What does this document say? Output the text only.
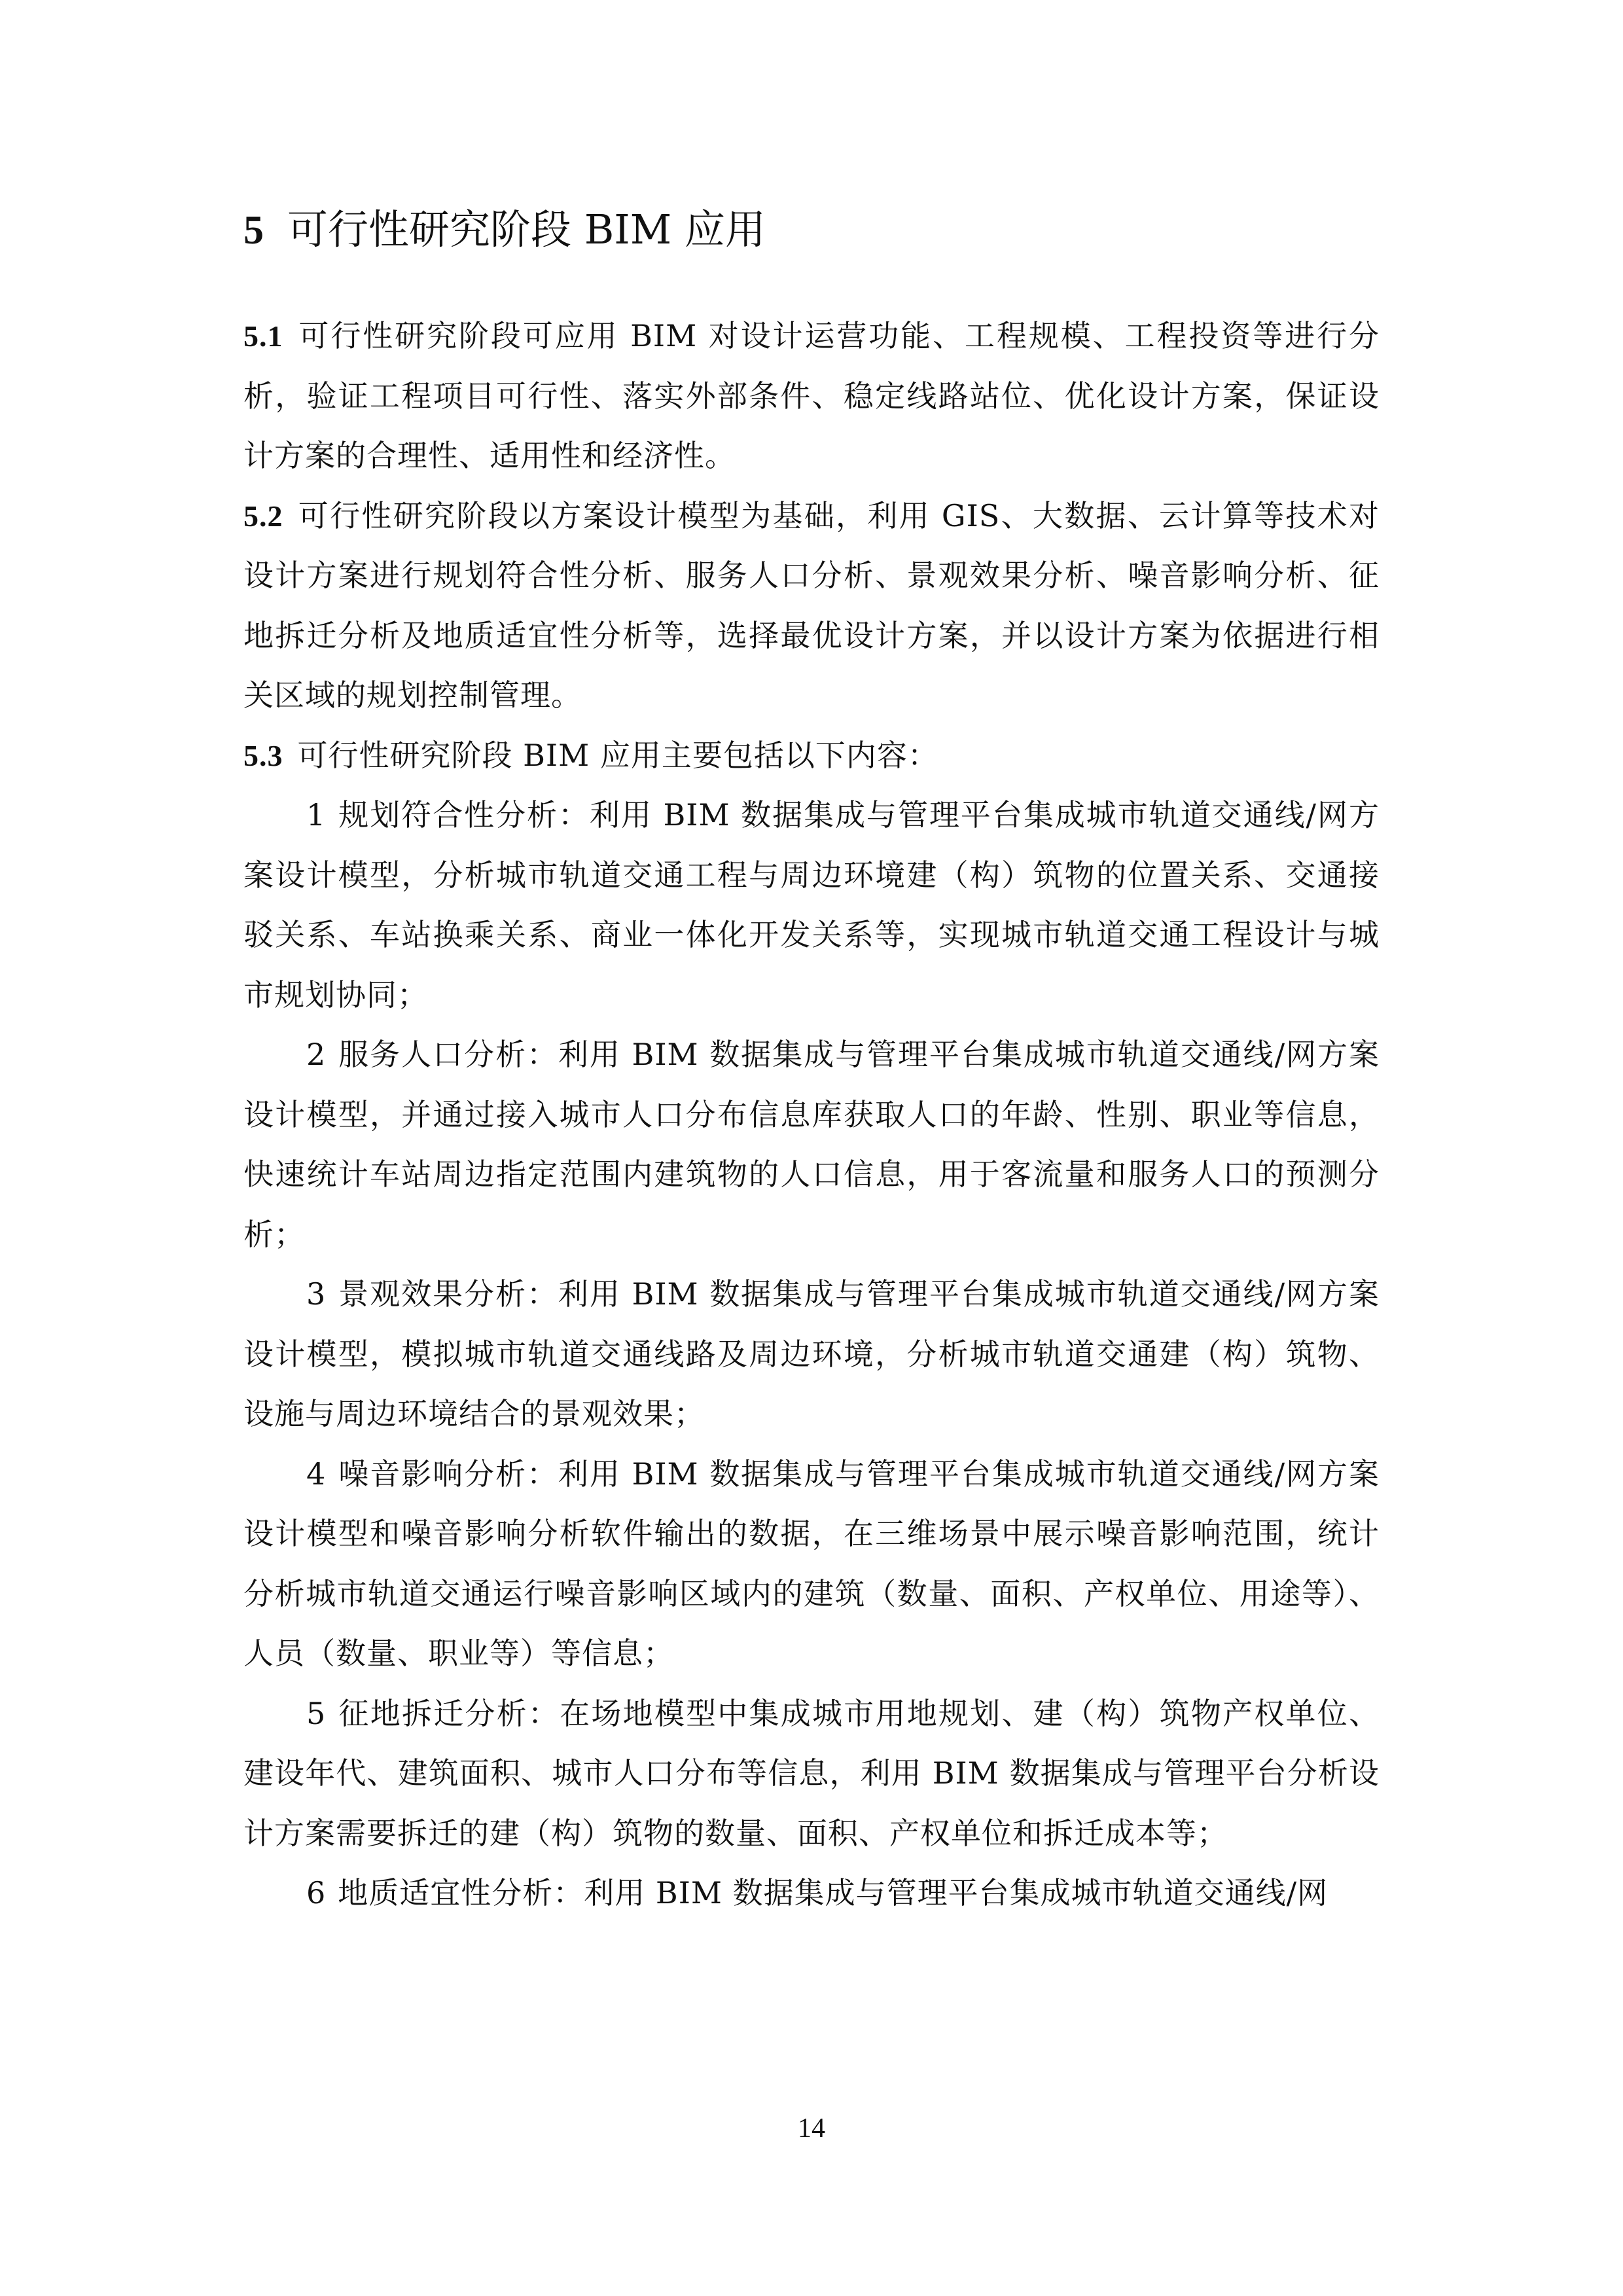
5 可行性研究阶段 BIM 应用

5.1 可行性研究阶段可应用 BIM 对设计运营功能、工程规模、工程投资等进行分析，验证工程项目可行性、落实外部条件、稳定线路站位、优化设计方案，保证设计方案的合理性、适用性和经济性。

5.2 可行性研究阶段以方案设计模型为基础，利用 GIS、大数据、云计算等技术对设计方案进行规划符合性分析、服务人口分析、景观效果分析、噪音影响分析、征地拆迁分析及地质适宜性分析等，选择最优设计方案，并以设计方案为依据进行相关区域的规划控制管理。

5.3 可行性研究阶段 BIM 应用主要包括以下内容：

1 规划符合性分析：利用 BIM 数据集成与管理平台集成城市轨道交通线/网方案设计模型，分析城市轨道交通工程与周边环境建（构）筑物的位置关系、交通接驳关系、车站换乘关系、商业一体化开发关系等，实现城市轨道交通工程设计与城市规划协同；

2 服务人口分析：利用 BIM 数据集成与管理平台集成城市轨道交通线/网方案设计模型，并通过接入城市人口分布信息库获取人口的年龄、性别、职业等信息，快速统计车站周边指定范围内建筑物的人口信息，用于客流量和服务人口的预测分析；

3 景观效果分析：利用 BIM 数据集成与管理平台集成城市轨道交通线/网方案设计模型，模拟城市轨道交通线路及周边环境，分析城市轨道交通建（构）筑物、设施与周边环境结合的景观效果；

4 噪音影响分析：利用 BIM 数据集成与管理平台集成城市轨道交通线/网方案设计模型和噪音影响分析软件输出的数据，在三维场景中展示噪音影响范围，统计分析城市轨道交通运行噪音影响区域内的建筑（数量、面积、产权单位、用途等）、人员（数量、职业等）等信息；

5 征地拆迁分析：在场地模型中集成城市用地规划、建（构）筑物产权单位、建设年代、建筑面积、城市人口分布等信息，利用 BIM 数据集成与管理平台分析设计方案需要拆迁的建（构）筑物的数量、面积、产权单位和拆迁成本等；

6 地质适宜性分析：利用 BIM 数据集成与管理平台集成城市轨道交通线/网

14
